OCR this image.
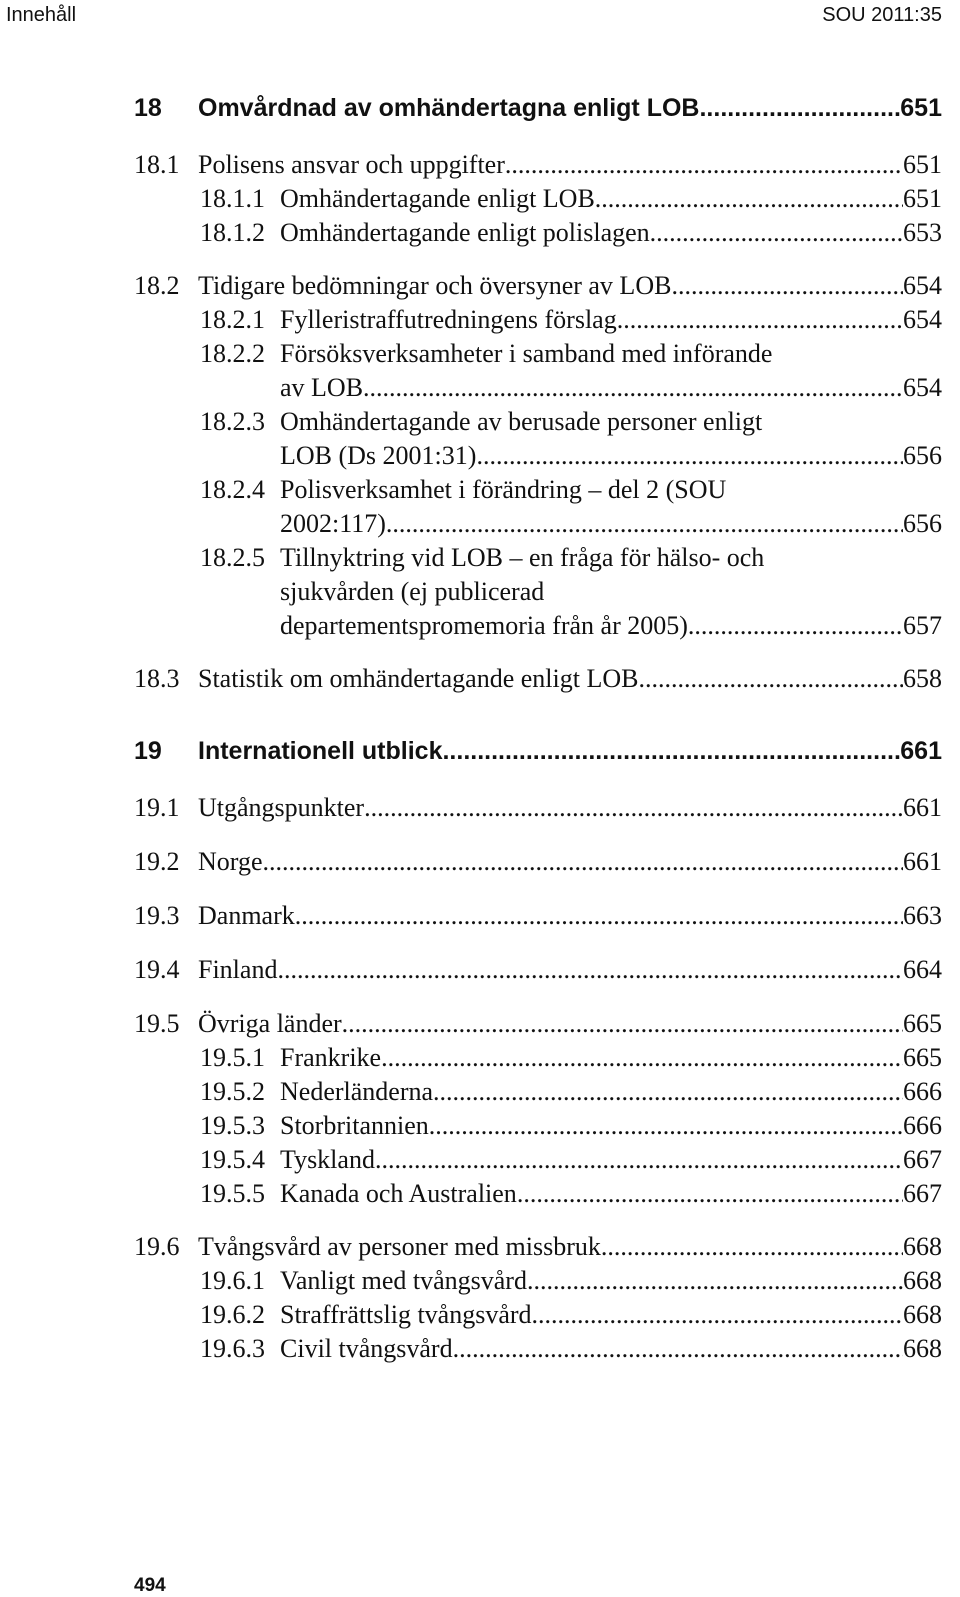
Innehåll	SOU 2011:35
18	Omvårdnad av omhändertagna enligt LOB .....	651
18.1 Polisens ansvar och uppgifter .....	651
18.1.1 Omhändertagande enligt LOB .....	651
18.1.2 Omhändertagande enligt polislagen .....	653
18.2 Tidigare bedömningar och översyner av LOB .....	654
18.2.1 Fylleristraffutredningens förslag .....	654
18.2.2 Försöksverksamheter i samband med införande
av LOB .....	654
18.2.3 Omhändertagande av berusade personer enligt
LOB (Ds 2001:31) .....	656
18.2.4 Polisverksamhet i förändring – del 2 (SOU
2002:117) .....	656
18.2.5 Tillnyktring vid LOB – en fråga för hälso- och
sjukvården (ej publicerad
departementspromemoria från år 2005) .....	657
18.3 Statistik om omhändertagande enligt LOB .....	658
19	Internationell utblick .....	661
19.1 Utgångspunkter .....	661
19.2 Norge .....	661
19.3 Danmark .....	663
19.4 Finland .....	664
19.5 Övriga länder .....	665
19.5.1 Frankrike .....	665
19.5.2 Nederländerna .....	666
19.5.3 Storbritannien .....	666
19.5.4 Tyskland .....	667
19.5.5 Kanada och Australien .....	667
19.6 Tvångsvård av personer med missbruk .....	668
19.6.1 Vanligt med tvångsvård .....	668
19.6.2 Straffrättslig tvångsvård .....	668
19.6.3 Civil tvångsvård .....	668
494
